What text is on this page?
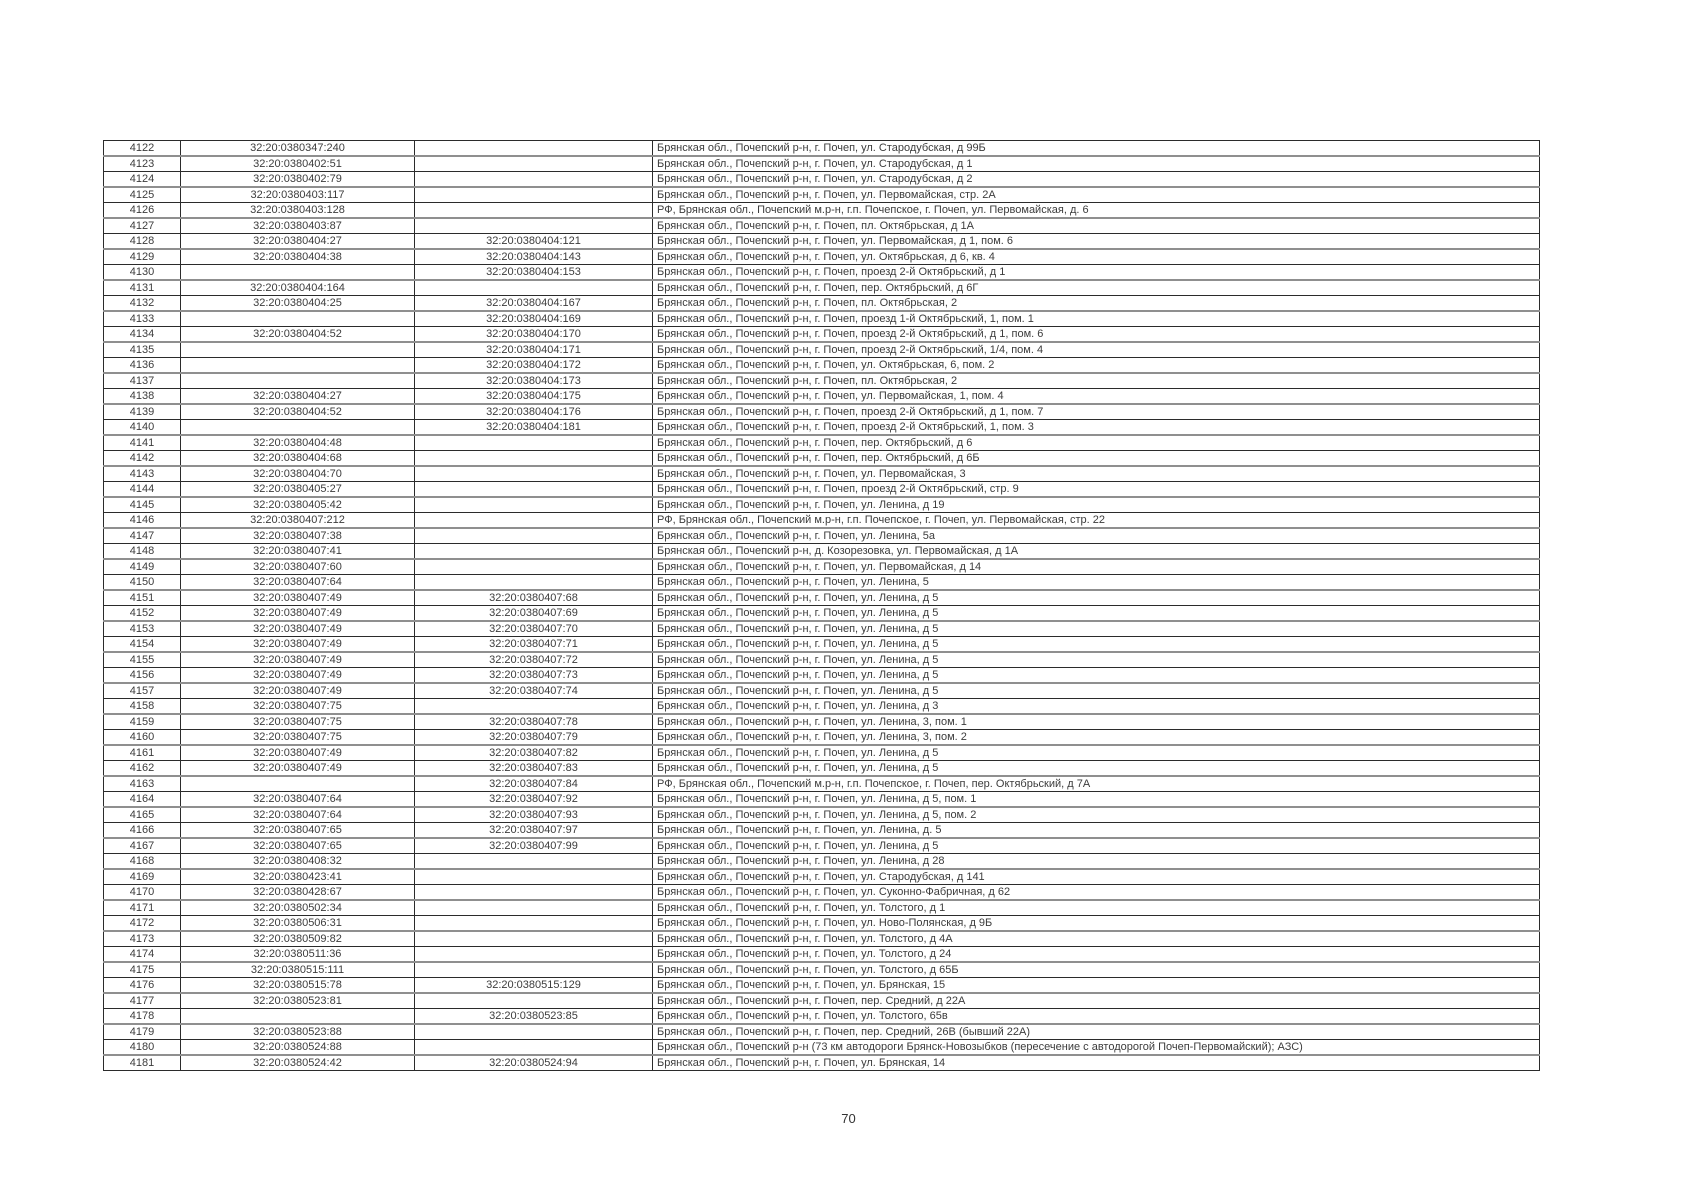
4122	32:20:0380347:240		Брянская обл., Почепский р-н, г. Почеп, ул. Стародубская, д 99Б
4123	32:20:0380402:51		Брянская обл., Почепский р-н, г. Почеп, ул. Стародубская, д 1
4124	32:20:0380402:79		Брянская обл., Почепский р-н, г. Почеп, ул. Стародубская, д 2
4125	32:20:0380403:117		Брянская обл., Почепский р-н, г. Почеп, ул. Первомайская, стр. 2А
4126	32:20:0380403:128		РФ, Брянская обл., Почепский м.р-н, г.п. Почепское, г. Почеп, ул. Первомайская, д. 6
4127	32:20:0380403:87		Брянская обл., Почепский р-н, г. Почеп, пл. Октябрьская, д 1А
4128	32:20:0380404:27	32:20:0380404:121	Брянская обл., Почепский р-н, г. Почеп, ул. Первомайская, д 1, пом. 6
4129	32:20:0380404:38	32:20:0380404:143	Брянская обл., Почепский р-н, г. Почеп, ул. Октябрьская, д 6, кв. 4
4130		32:20:0380404:153	Брянская обл., Почепский р-н, г. Почеп, проезд 2-й Октябрьский, д 1
4131	32:20:0380404:164		Брянская обл., Почепский р-н, г. Почеп, пер. Октябрьский, д 6Г
4132	32:20:0380404:25	32:20:0380404:167	Брянская обл., Почепский р-н, г. Почеп, пл. Октябрьская, 2
4133		32:20:0380404:169	Брянская обл., Почепский р-н, г. Почеп, проезд 1-й Октябрьский, 1, пом. 1
4134	32:20:0380404:52	32:20:0380404:170	Брянская обл., Почепский р-н, г. Почеп, проезд 2-й Октябрьский, д 1, пом. 6
4135		32:20:0380404:171	Брянская обл., Почепский р-н, г. Почеп, проезд 2-й Октябрьский, 1/4, пом. 4
4136		32:20:0380404:172	Брянская обл., Почепский р-н, г. Почеп, ул. Октябрьская, 6, пом. 2
4137		32:20:0380404:173	Брянская обл., Почепский р-н, г. Почеп, пл. Октябрьская, 2
4138	32:20:0380404:27	32:20:0380404:175	Брянская обл., Почепский р-н, г. Почеп, ул. Первомайская, 1, пом. 4
4139	32:20:0380404:52	32:20:0380404:176	Брянская обл., Почепский р-н, г. Почеп, проезд 2-й Октябрьский, д 1, пом. 7
4140		32:20:0380404:181	Брянская обл., Почепский р-н, г. Почеп, проезд 2-й Октябрьский, 1, пом. 3
4141	32:20:0380404:48		Брянская обл., Почепский р-н, г. Почеп, пер. Октябрьский, д 6
4142	32:20:0380404:68		Брянская обл., Почепский р-н, г. Почеп, пер. Октябрьский, д 6Б
4143	32:20:0380404:70		Брянская обл., Почепский р-н, г. Почеп, ул. Первомайская, 3
4144	32:20:0380405:27		Брянская обл., Почепский р-н, г. Почеп, проезд 2-й Октябрьский, стр. 9
4145	32:20:0380405:42		Брянская обл., Почепский р-н, г. Почеп, ул. Ленина, д 19
4146	32:20:0380407:212		РФ, Брянская обл., Почепский м.р-н, г.п. Почепское, г. Почеп, ул. Первомайская, стр. 22
4147	32:20:0380407:38		Брянская обл., Почепский р-н, г. Почеп, ул. Ленина, 5а
4148	32:20:0380407:41		Брянская обл., Почепский р-н, д. Козорезовка, ул. Первомайская, д 1А
4149	32:20:0380407:60		Брянская обл., Почепский р-н, г. Почеп, ул. Первомайская, д 14
4150	32:20:0380407:64		Брянская обл., Почепский р-н, г. Почеп, ул. Ленина, 5
4151	32:20:0380407:49	32:20:0380407:68	Брянская обл., Почепский р-н, г. Почеп, ул. Ленина, д 5
4152	32:20:0380407:49	32:20:0380407:69	Брянская обл., Почепский р-н, г. Почеп, ул. Ленина, д 5
4153	32:20:0380407:49	32:20:0380407:70	Брянская обл., Почепский р-н, г. Почеп, ул. Ленина, д 5
4154	32:20:0380407:49	32:20:0380407:71	Брянская обл., Почепский р-н, г. Почеп, ул. Ленина, д 5
4155	32:20:0380407:49	32:20:0380407:72	Брянская обл., Почепский р-н, г. Почеп, ул. Ленина, д 5
4156	32:20:0380407:49	32:20:0380407:73	Брянская обл., Почепский р-н, г. Почеп, ул. Ленина, д 5
4157	32:20:0380407:49	32:20:0380407:74	Брянская обл., Почепский р-н, г. Почеп, ул. Ленина, д 5
4158	32:20:0380407:75		Брянская обл., Почепский р-н, г. Почеп, ул. Ленина, д 3
4159	32:20:0380407:75	32:20:0380407:78	Брянская обл., Почепский р-н, г. Почеп, ул. Ленина, 3, пом. 1
4160	32:20:0380407:75	32:20:0380407:79	Брянская обл., Почепский р-н, г. Почеп, ул. Ленина, 3, пом. 2
4161	32:20:0380407:49	32:20:0380407:82	Брянская обл., Почепский р-н, г. Почеп, ул. Ленина, д 5
4162	32:20:0380407:49	32:20:0380407:83	Брянская обл., Почепский р-н, г. Почеп, ул. Ленина, д 5
4163		32:20:0380407:84	РФ, Брянская обл., Почепский м.р-н, г.п. Почепское, г. Почеп, пер. Октябрьский, д 7А
4164	32:20:0380407:64	32:20:0380407:92	Брянская обл., Почепский р-н, г. Почеп, ул. Ленина, д 5, пом. 1
4165	32:20:0380407:64	32:20:0380407:93	Брянская обл., Почепский р-н, г. Почеп, ул. Ленина, д 5, пом. 2
4166	32:20:0380407:65	32:20:0380407:97	Брянская обл., Почепский р-н, г. Почеп, ул. Ленина, д. 5
4167	32:20:0380407:65	32:20:0380407:99	Брянская обл., Почепский р-н, г. Почеп, ул. Ленина, д 5
4168	32:20:0380408:32		Брянская обл., Почепский р-н, г. Почеп, ул. Ленина, д 28
4169	32:20:0380423:41		Брянская обл., Почепский р-н, г. Почеп, ул. Стародубская, д 141
4170	32:20:0380428:67		Брянская обл., Почепский р-н, г. Почеп, ул. Суконно-Фабричная, д 62
4171	32:20:0380502:34		Брянская обл., Почепский р-н, г. Почеп, ул. Толстого, д 1
4172	32:20:0380506:31		Брянская обл., Почепский р-н, г. Почеп, ул. Ново-Полянская, д 9Б
4173	32:20:0380509:82		Брянская обл., Почепский р-н, г. Почеп, ул. Толстого, д 4А
4174	32:20:0380511:36		Брянская обл., Почепский р-н, г. Почеп, ул. Толстого, д 24
4175	32:20:0380515:111		Брянская обл., Почепский р-н, г. Почеп, ул. Толстого, д 65Б
4176	32:20:0380515:78	32:20:0380515:129	Брянская обл., Почепский р-н, г. Почеп, ул. Брянская, 15
4177	32:20:0380523:81		Брянская обл., Почепский р-н, г. Почеп, пер. Средний, д 22А
4178		32:20:0380523:85	Брянская обл., Почепский р-н, г. Почеп, ул. Толстого, 65в
4179	32:20:0380523:88		Брянская обл., Почепский р-н, г. Почеп, пер. Средний, 26В (бывший 22А)
4180	32:20:0380524:88		Брянская обл., Почепский р-н (73 км автодороги Брянск-Новозыбков (пересечение с автодорогой Почеп-Первомайский); АЗС)
4181	32:20:0380524:42	32:20:0380524:94	Брянская обл., Почепский р-н, г. Почеп, ул. Брянская, 14
70
